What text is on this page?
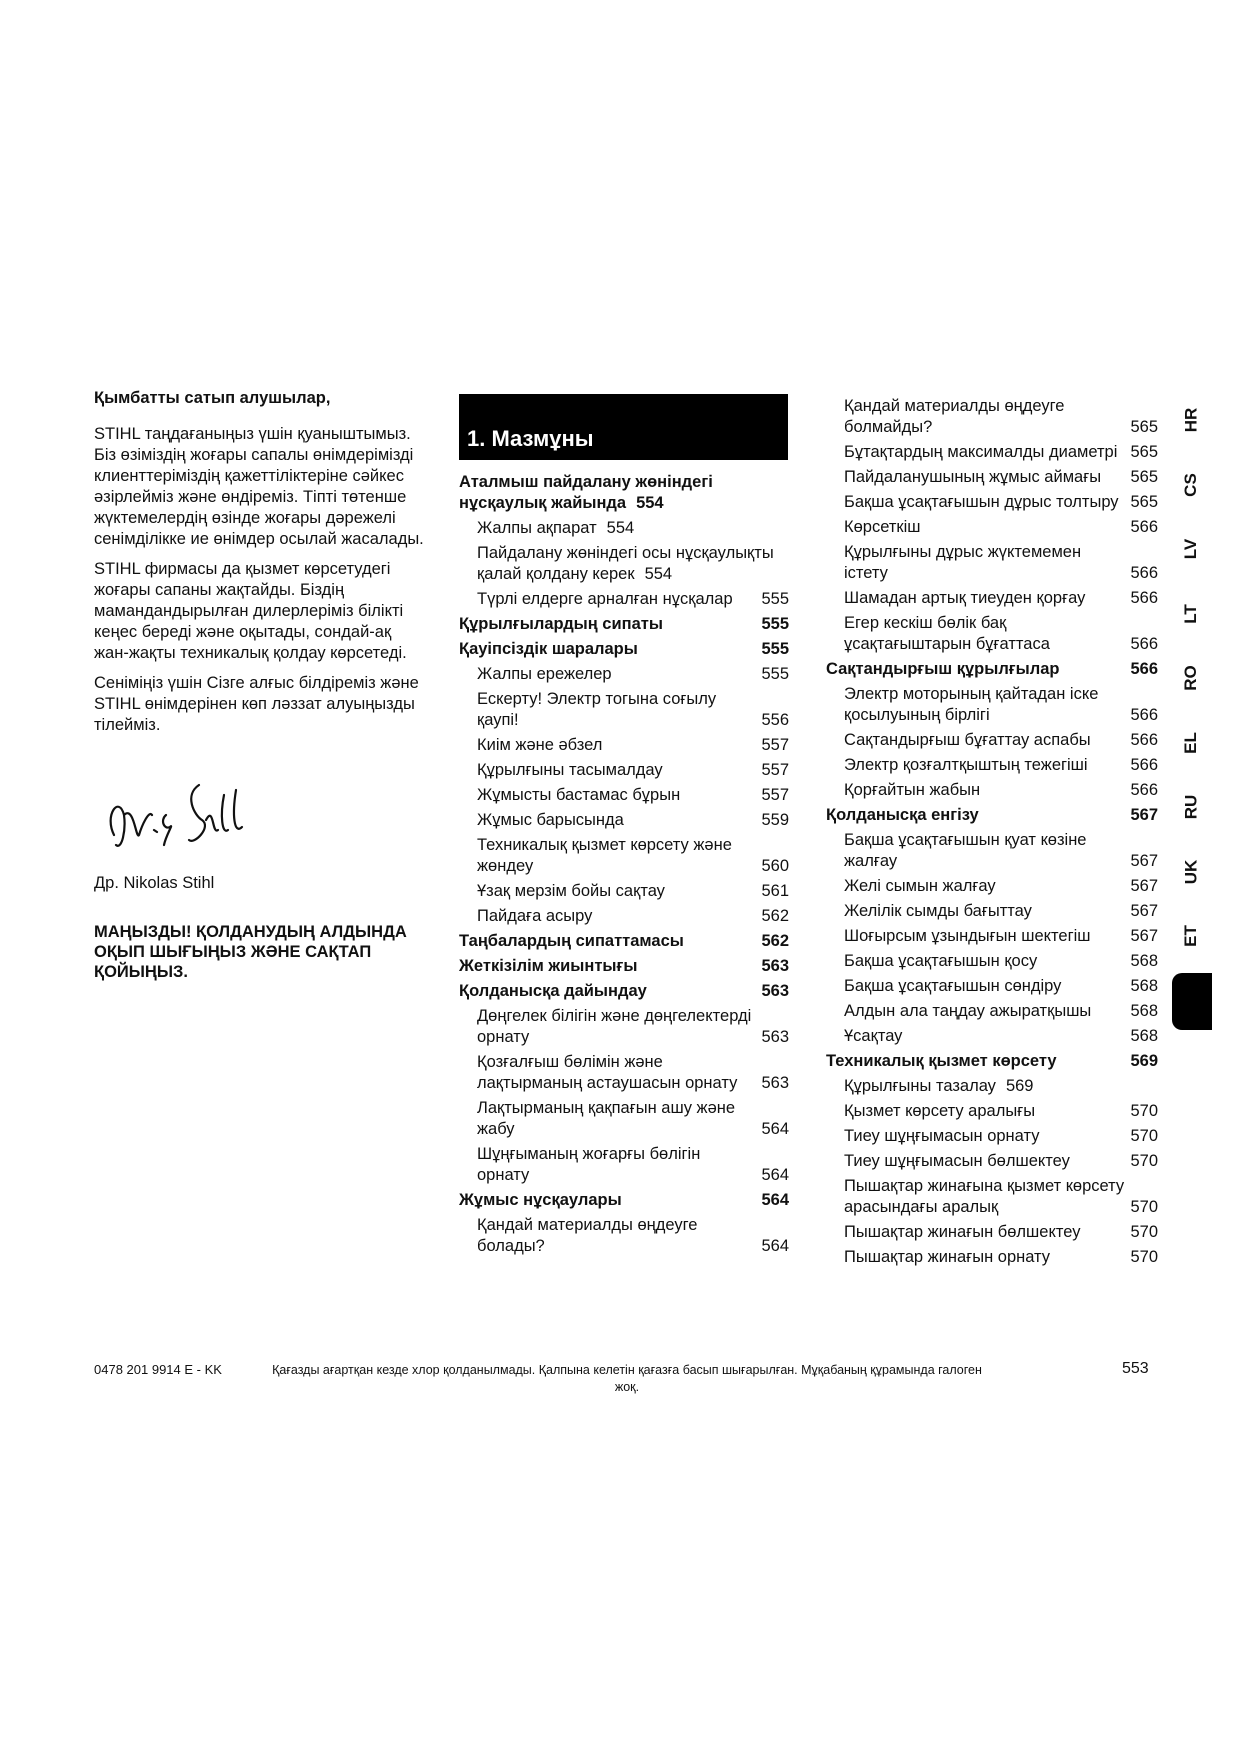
Қымбатты сатып алушылар,

STIHL таңдағаныңыз үшін қуаныштымыз. Біз өзіміздің жоғары сапалы өнімдерімізді клиенттеріміздің қажеттіліктеріне сәйкес әзірлейміз және өндіреміз. Тіпті төтенше жүктемелердің өзінде жоғары дәрежелі сенімділікке ие өнімдер осылай жасалады.

STIHL фирмасы да қызмет көрсетудегі жоғары сапаны жақтайды. Біздің мамандандырылған дилерлеріміз білікті кеңес береді және оқытады, сондай-ақ жан-жақты техникалық қолдау көрсетеді.

Сеніміңіз үшін Сізге алғыс білдіреміз және STIHL өнімдерінен көп ләззат алуыңызды тілейміз.

Др. Nikolas Stihl
МАҢЫЗДЫ! ҚОЛДАНУДЫҢ АЛДЫНДА ОҚЫП ШЫҒЫҢЫЗ ЖӘНЕ САҚТАП ҚОЙЫҢЫЗ.
1. Мазмұны
Аталмыш пайдалану жөніндегі нұсқаулық жайында 554
Жалпы ақпарат 554
Пайдалану жөніндегі осы нұсқаулықты қалай қолдану керек 554
Түрлі елдерге арналған нұсқалар	555
Құрылғылардың сипаты	555
Қауіпсіздік шаралары	555
Жалпы ережелер	555
Ескерту! Электр тогына соғылу қаупі!	556
Киім және әбзел	557
Құрылғыны тасымалдау	557
Жұмысты бастамас бұрын	557
Жұмыс барысында	559
Техникалық қызмет көрсету және жөндеу	560
Ұзақ мерзім бойы сақтау	561
Пайдаға асыру	562
Таңбалардың сипаттамасы	562
Жеткізілім жиынтығы	563
Қолданысқа дайындау	563
Дөңгелек білігін және дөңгелектерді орнату	563
Қозғалғыш бөлімін және лақтырманың астаушасын орнату	563
Лақтырманың қақпағын ашу және жабу	564
Шұңғыманың жоғарғы бөлігін орнату	564
Жұмыс нұсқаулары	564
Қандай материалды өңдеуге болады?	564
Қандай материалды өңдеуге болмайды?	565
Бұтақтардың максималды диаметрі 565
Пайдаланушының жұмыс аймағы	565
Бақша ұсақтағышын дұрыс толтыру 565
Көрсеткіш	566
Құрылғыны дұрыс жүктемемен істету	566
Шамадан артық тиеуден қорғау	566
Егер кескіш бөлік бақ ұсақтағыштарын бұғаттаса	566
Сақтандырғыш құрылғылар	566
Электр моторының қайтадан іске қосылуының бірлігі	566
Сақтандырғыш бұғаттау аспабы	566
Электр қозғалтқыштың тежегіші	566
Қорғайтын жабын	566
Қолданысқа енгізу	567
Бақша ұсақтағышын қуат көзіне жалғау	567
Желі сымын жалғау	567
Желілік сымды бағыттау	567
Шоғырсым ұзындығын шектегіш	567
Бақша ұсақтағышын қосу	568
Бақша ұсақтағышын сөндіру	568
Алдын ала таңдау ажыратқышы	568
Ұсақтау	568
Техникалық қызмет көрсету	569
Құрылғыны тазалау 569
Қызмет көрсету аралығы	570
Тиеу шұңғымасын орнату	570
Тиеу шұңғымасын бөлшектеу	570
Пышақтар жинағына қызмет көрсету арасындағы аралық	570
Пышақтар жинағын бөлшектеу	570
Пышақтар жинағын орнату	570
0478 201 9914 E - KK	Қағазды ағартқан кезде хлор қолданылмады. Қалпына келетін қағазға басып шығарылған. Мұқабаның құрамында галоген жоқ.
553
HR
CS
LV
LT
RO
EL
RU
UK
ET
